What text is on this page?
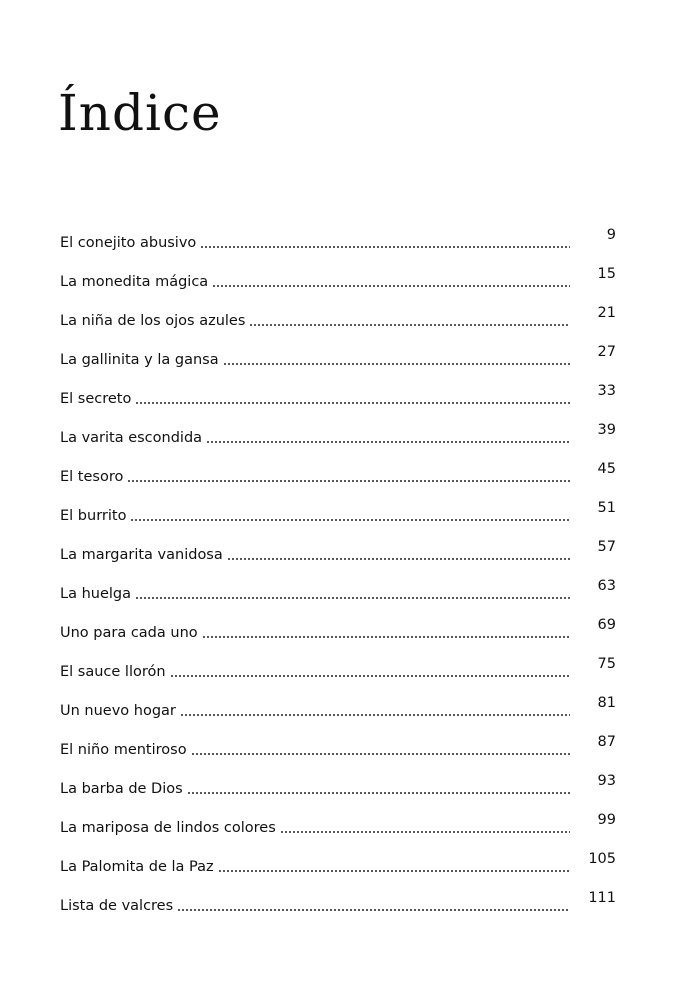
Índice
El conejito abusivo	9
La monedita mágica	15
La niña de los ojos azules	21
La gallinita y la gansa	27
El secreto	33
La varita escondida	39
El tesoro	45
El burrito	51
La margarita vanidosa	57
La huelga	63
Uno para cada uno	69
El sauce llorón	75
Un nuevo hogar	81
El niño mentiroso	87
La barba de Dios	93
La mariposa de lindos colores	99
La Palomita de la Paz	105
Lista de valcres	111
